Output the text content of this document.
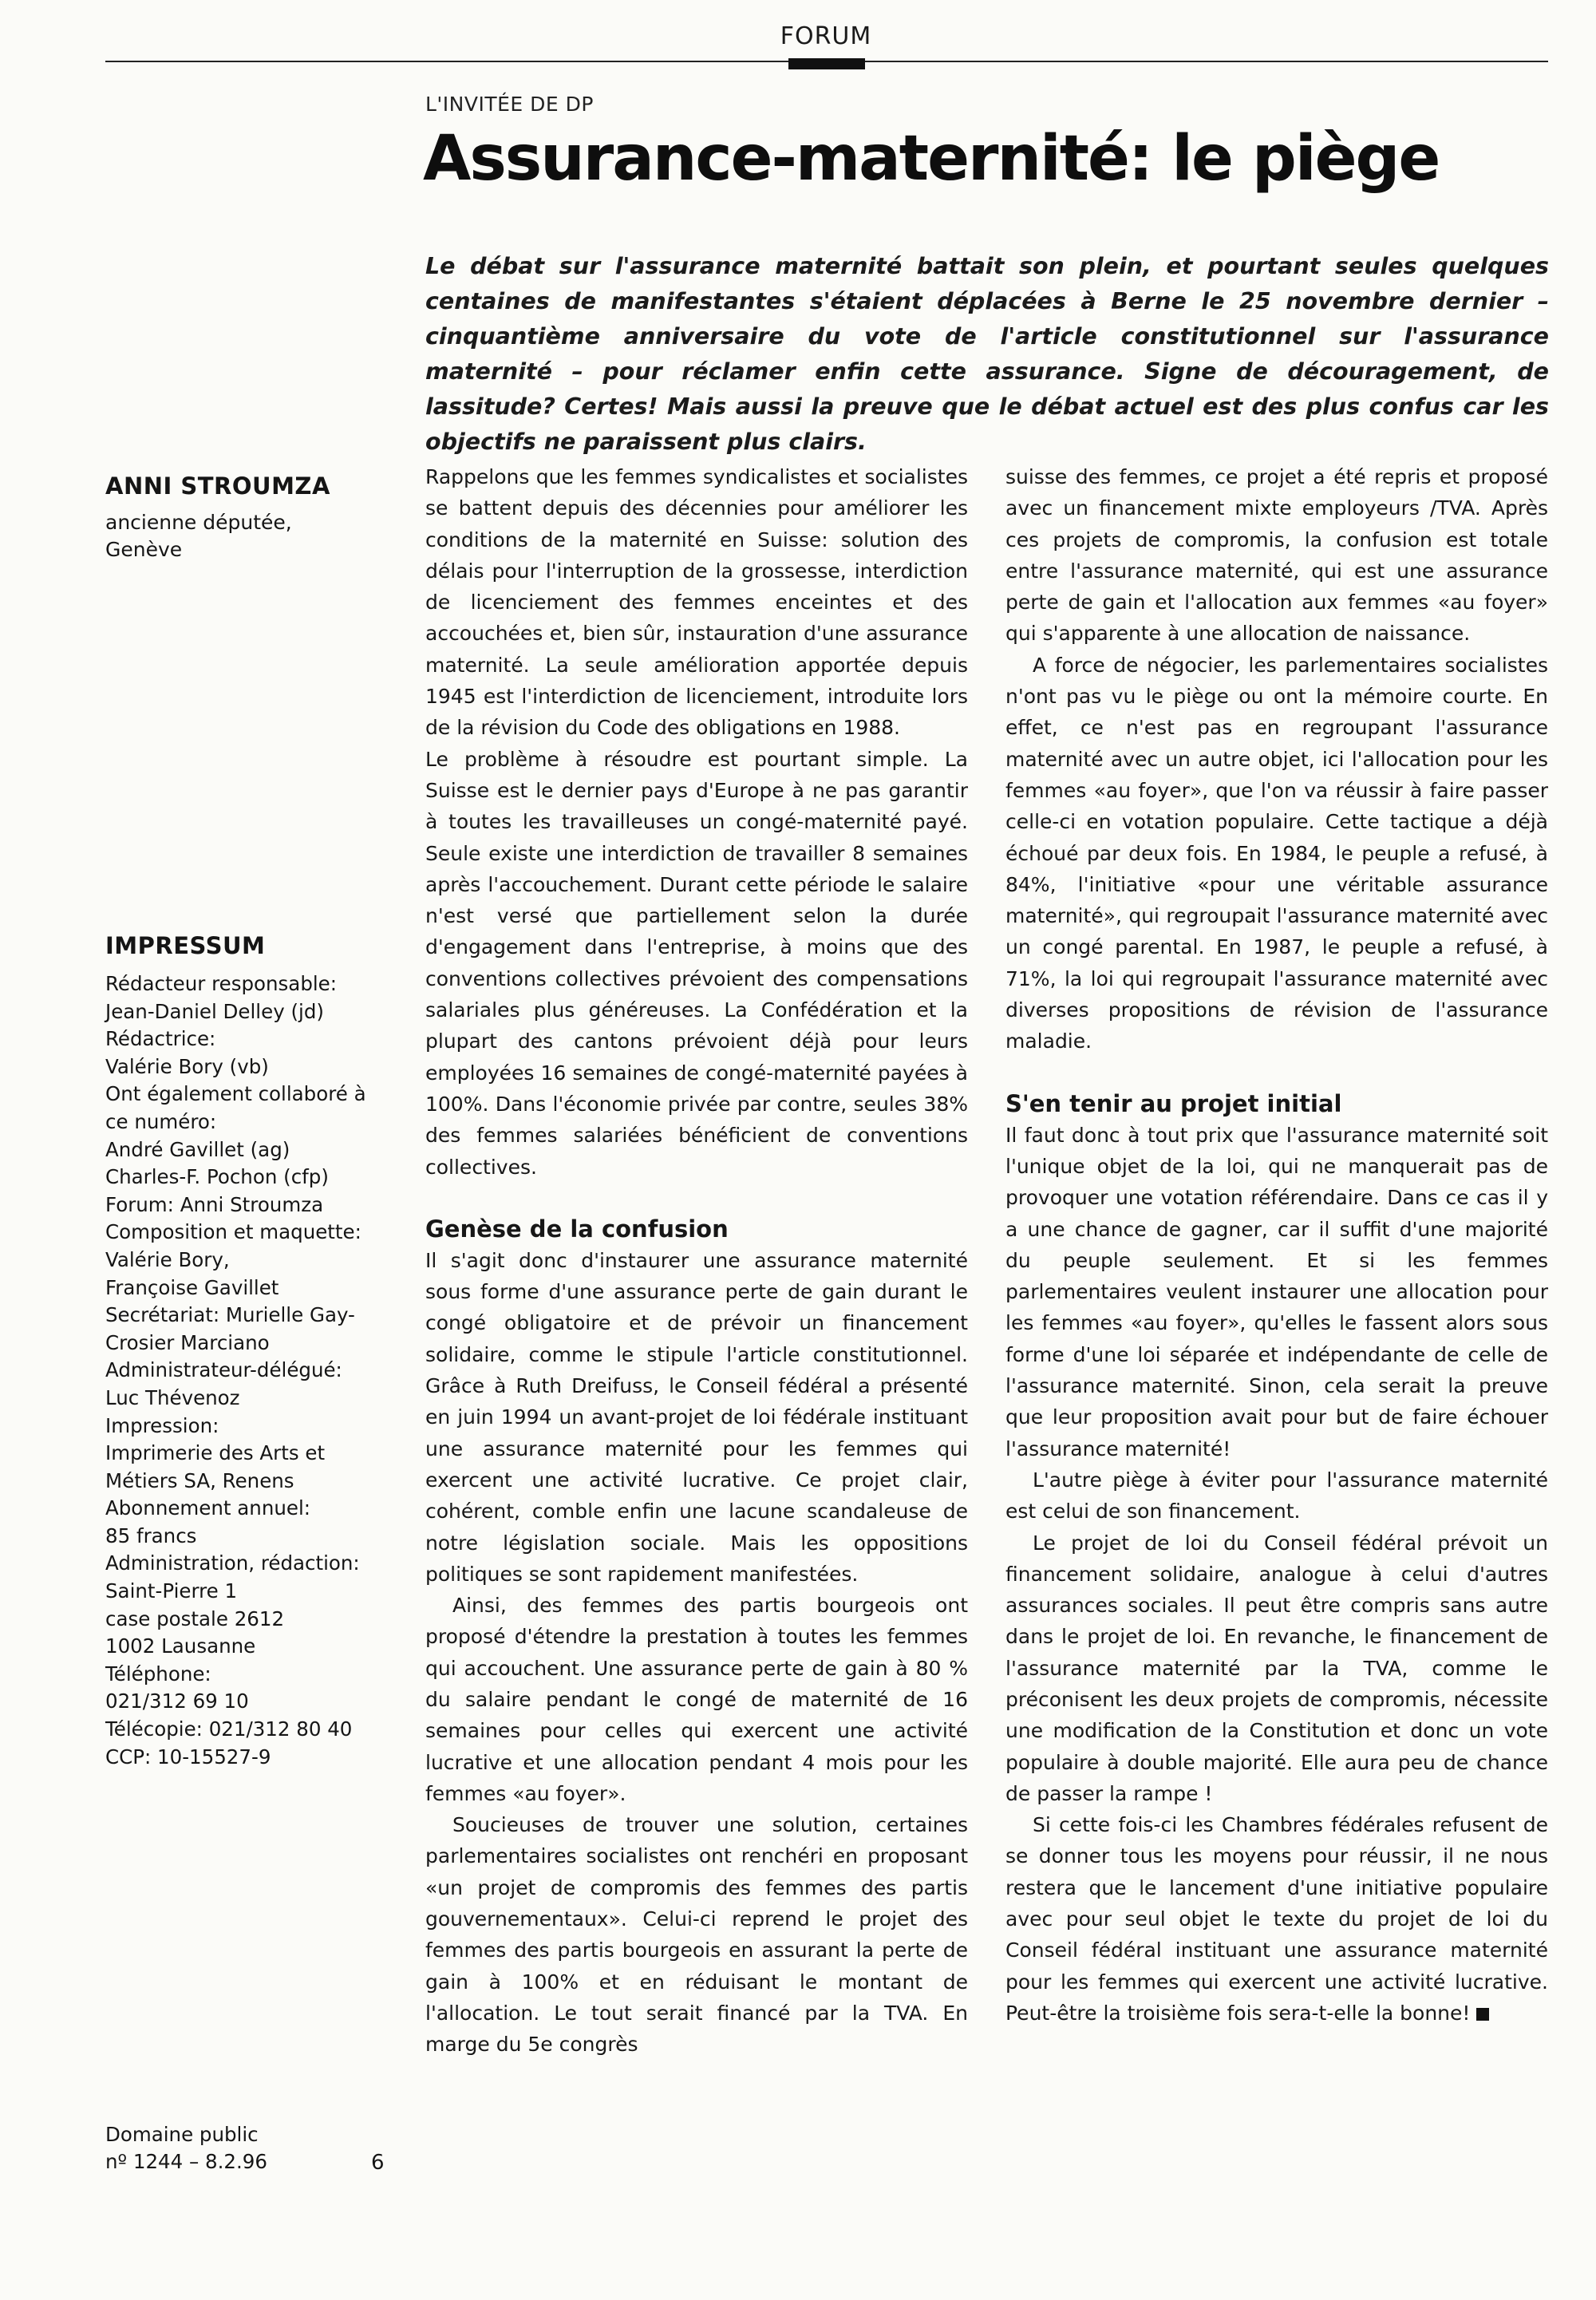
FORUM
L'INVITÉE DE DP
Assurance-maternité: le piège

Le débat sur l'assurance maternité battait son plein, et pourtant seules quelques centaines de manifestantes s'étaient déplacées à Berne le 25 novembre dernier – cinquantième anniversaire du vote de l'article constitutionnel sur l'assurance maternité – pour réclamer enfin cette assurance. Signe de découragement, de lassitude? Certes! Mais aussi la preuve que le débat actuel est des plus confus car les objectifs ne paraissent plus clairs.

ANNI STROUMZA

ancienne députée,

Genève

IMPRESSUM

Rédacteur responsable:

Jean-Daniel Delley (jd)

Rédactrice:

Valérie Bory (vb)

Ont également collaboré à

ce numéro:

André Gavillet (ag)

Charles-F. Pochon (cfp)

Forum: Anni Stroumza

Composition et maquette:

Valérie Bory,

Françoise Gavillet

Secrétariat: Murielle Gay-

Crosier Marciano

Administrateur-délégué:

Luc Thévenoz

Impression:

Imprimerie des Arts et

Métiers SA, Renens

Abonnement annuel:

85 francs

Administration, rédaction:

Saint-Pierre 1

case postale 2612

1002 Lausanne

Téléphone:

021/312 69 10

Télécopie: 021/312 80 40

CCP: 10-15527-9

Domaine public

nº 1244 – 8.2.96	6

Rappelons que les femmes syndicalistes et socialistes se battent depuis des décennies pour améliorer les conditions de la maternité en Suisse: solution des délais pour l'interruption de la grossesse, interdiction de licenciement des femmes enceintes et des accouchées et, bien sûr, instauration d'une assurance maternité. La seule amélioration apportée depuis 1945 est l'interdiction de licenciement, introduite lors de la révision du Code des obligations en 1988.

Le problème à résoudre est pourtant simple. La Suisse est le dernier pays d'Europe à ne pas garantir à toutes les travailleuses un congé-maternité payé. Seule existe une interdiction de travailler 8 semaines après l'accouchement. Durant cette période le salaire n'est versé que partiellement selon la durée d'engagement dans l'entreprise, à moins que des conventions collectives prévoient des compensations salariales plus généreuses. La Confédération et la plupart des cantons prévoient déjà pour leurs employées 16 semaines de congé-maternité payées à 100%. Dans l'économie privée par contre, seules 38% des femmes salariées bénéficient de conventions collectives.

Genèse de la confusion

Il s'agit donc d'instaurer une assurance maternité sous forme d'une assurance perte de gain durant le congé obligatoire et de prévoir un financement solidaire, comme le stipule l'article constitutionnel. Grâce à Ruth Dreifuss, le Conseil fédéral a présenté en juin 1994 un avant-projet de loi fédérale instituant une assurance maternité pour les femmes qui exercent une activité lucrative. Ce projet clair, cohérent, comble enfin une lacune scandaleuse de notre législation sociale. Mais les oppositions politiques se sont rapidement manifestées.

Ainsi, des femmes des partis bourgeois ont proposé d'étendre la prestation à toutes les femmes qui accouchent. Une assurance perte de gain à 80 % du salaire pendant le congé de maternité de 16 semaines pour celles qui exercent une activité lucrative et une allocation pendant 4 mois pour les femmes «au foyer».

Soucieuses de trouver une solution, certaines parlementaires socialistes ont renchéri en proposant «un projet de compromis des femmes des partis gouvernementaux». Celui-ci reprend le projet des femmes des partis bourgeois en assurant la perte de gain à 100% et en réduisant le montant de l'allocation. Le tout serait financé par la TVA. En marge du 5e congrès

suisse des femmes, ce projet a été repris et proposé avec un financement mixte employeurs /TVA. Après ces projets de compromis, la confusion est totale entre l'assurance maternité, qui est une assurance perte de gain et l'allocation aux femmes «au foyer» qui s'apparente à une allocation de naissance.

A force de négocier, les parlementaires socialistes n'ont pas vu le piège ou ont la mémoire courte. En effet, ce n'est pas en regroupant l'assurance maternité avec un autre objet, ici l'allocation pour les femmes «au foyer», que l'on va réussir à faire passer celle-ci en votation populaire. Cette tactique a déjà échoué par deux fois. En 1984, le peuple a refusé, à 84%, l'initiative «pour une véritable assurance maternité», qui regroupait l'assurance maternité avec un congé parental. En 1987, le peuple a refusé, à 71%, la loi qui regroupait l'assurance maternité avec diverses propositions de révision de l'assurance maladie.

S'en tenir au projet initial

Il faut donc à tout prix que l'assurance maternité soit l'unique objet de la loi, qui ne manquerait pas de provoquer une votation référendaire. Dans ce cas il y a une chance de gagner, car il suffit d'une majorité du peuple seulement. Et si les femmes parlementaires veulent instaurer une allocation pour les femmes «au foyer», qu'elles le fassent alors sous forme d'une loi séparée et indépendante de celle de l'assurance maternité. Sinon, cela serait la preuve que leur proposition avait pour but de faire échouer l'assurance maternité!

L'autre piège à éviter pour l'assurance maternité est celui de son financement.

Le projet de loi du Conseil fédéral prévoit un financement solidaire, analogue à celui d'autres assurances sociales. Il peut être compris sans autre dans le projet de loi. En revanche, le financement de l'assurance maternité par la TVA, comme le préconisent les deux projets de compromis, nécessite une modification de la Constitution et donc un vote populaire à double majorité. Elle aura peu de chance de passer la rampe !

Si cette fois-ci les Chambres fédérales refusent de se donner tous les moyens pour réussir, il ne nous restera que le lancement d'une initiative populaire avec pour seul objet le texte du projet de loi du Conseil fédéral instituant une assurance maternité pour les femmes qui exercent une activité lucrative. Peut-être la troisième fois sera-t-elle la bonne!
